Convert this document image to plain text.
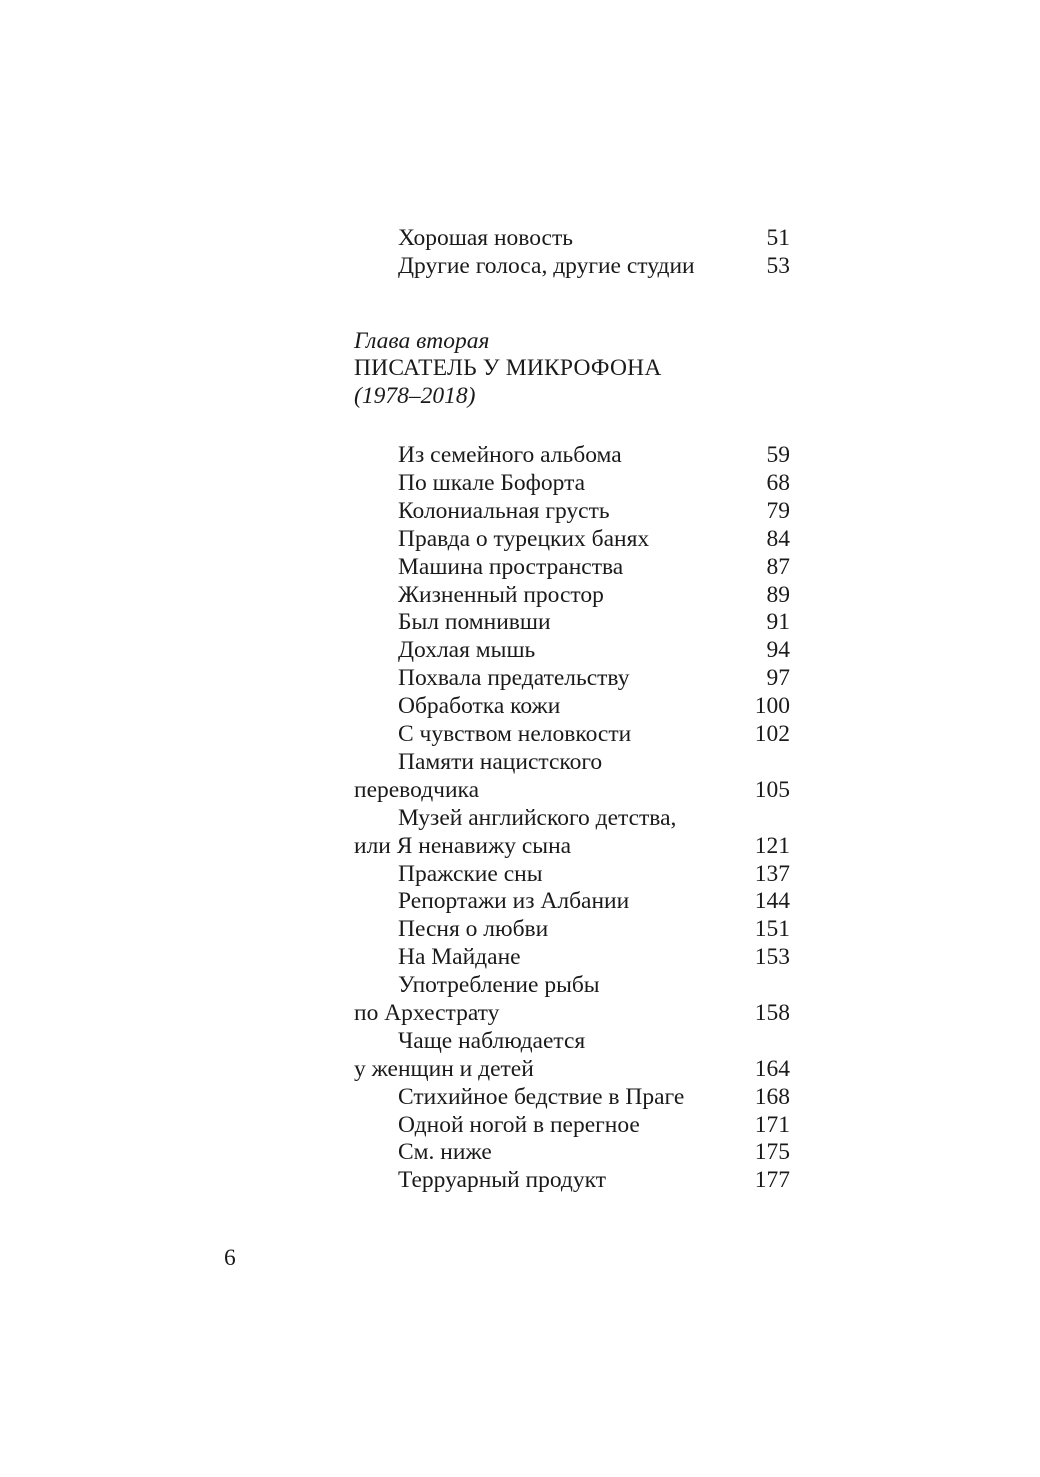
Хорошая новость	51
Другие голоса, другие студии	53
Глава вторая
ПИСАТЕЛЬ У МИКРОФОНА
(1978–2018)
Из семейного альбома	59
По шкале Бофорта	68
Колониальная грусть	79
Правда о турецких банях	84
Машина пространства	87
Жизненный простор	89
Был помнивши	91
Дохлая мышь	94
Похвала предательству	97
Обработка кожи	100
С чувством неловкости	102
Памяти нацистского
переводчика	105
Музей английского детства,
или Я ненавижу сына	121
Пражские сны	137
Репортажи из Албании	144
Песня о любви	151
На Майдане	153
Употребление рыбы
по Архестрату	158
Чаще наблюдается
у женщин и детей	164
Стихийное бедствие в Праге	168
Одной ногой в перегное	171
См. ниже	175
Терруарный продукт	177
6
